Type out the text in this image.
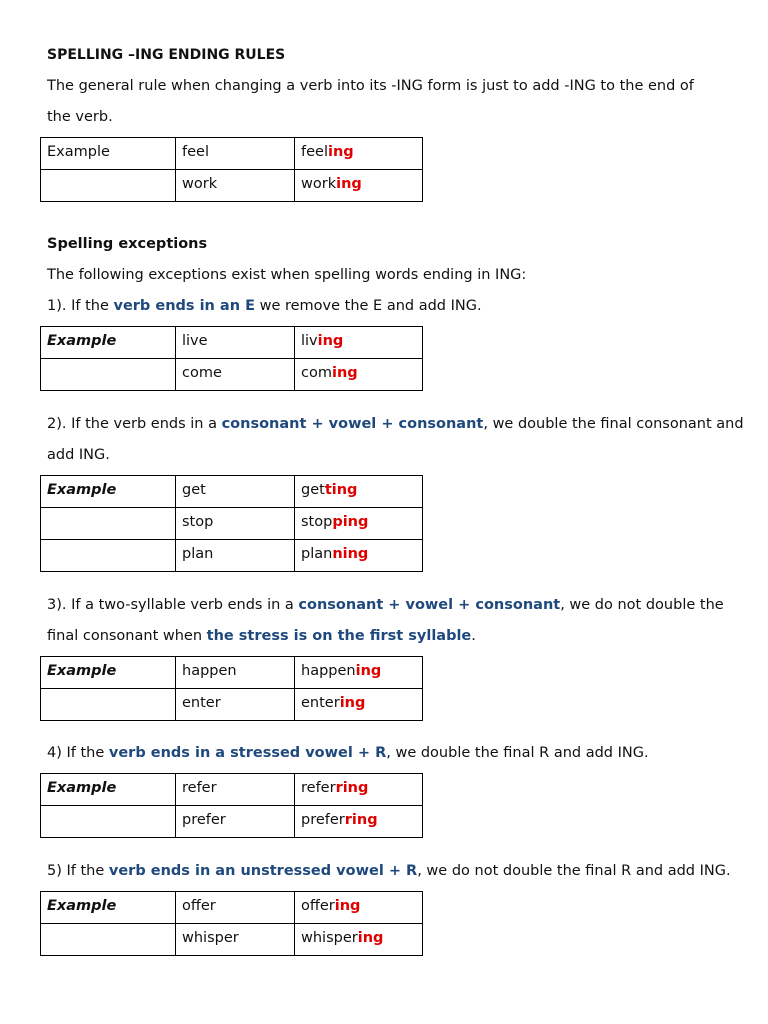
SPELLING –ING ENDING RULES
The general rule when changing a verb into its -ING form is just to add -ING to the end of
the verb.
Example	feel	feeling
	work	working
Spelling exceptions
The following exceptions exist when spelling words ending in ING:
1). If the verb ends in an E we remove the E and add ING.
Example	live	living
	come	coming
2). If the verb ends in a consonant + vowel + consonant, we double the final consonant and
add ING.
Example	get	getting
	stop	stopping
	plan	planning
3). If a two-syllable verb ends in a consonant + vowel + consonant, we do not double the
final consonant when the stress is on the first syllable.
Example	happen	happening
	enter	entering
4) If the verb ends in a stressed vowel + R, we double the final R and add ING.
Example	refer	referring
	prefer	preferring
5) If the verb ends in an unstressed vowel + R, we do not double the final R and add ING.
Example	offer	offering
	whisper	whispering
